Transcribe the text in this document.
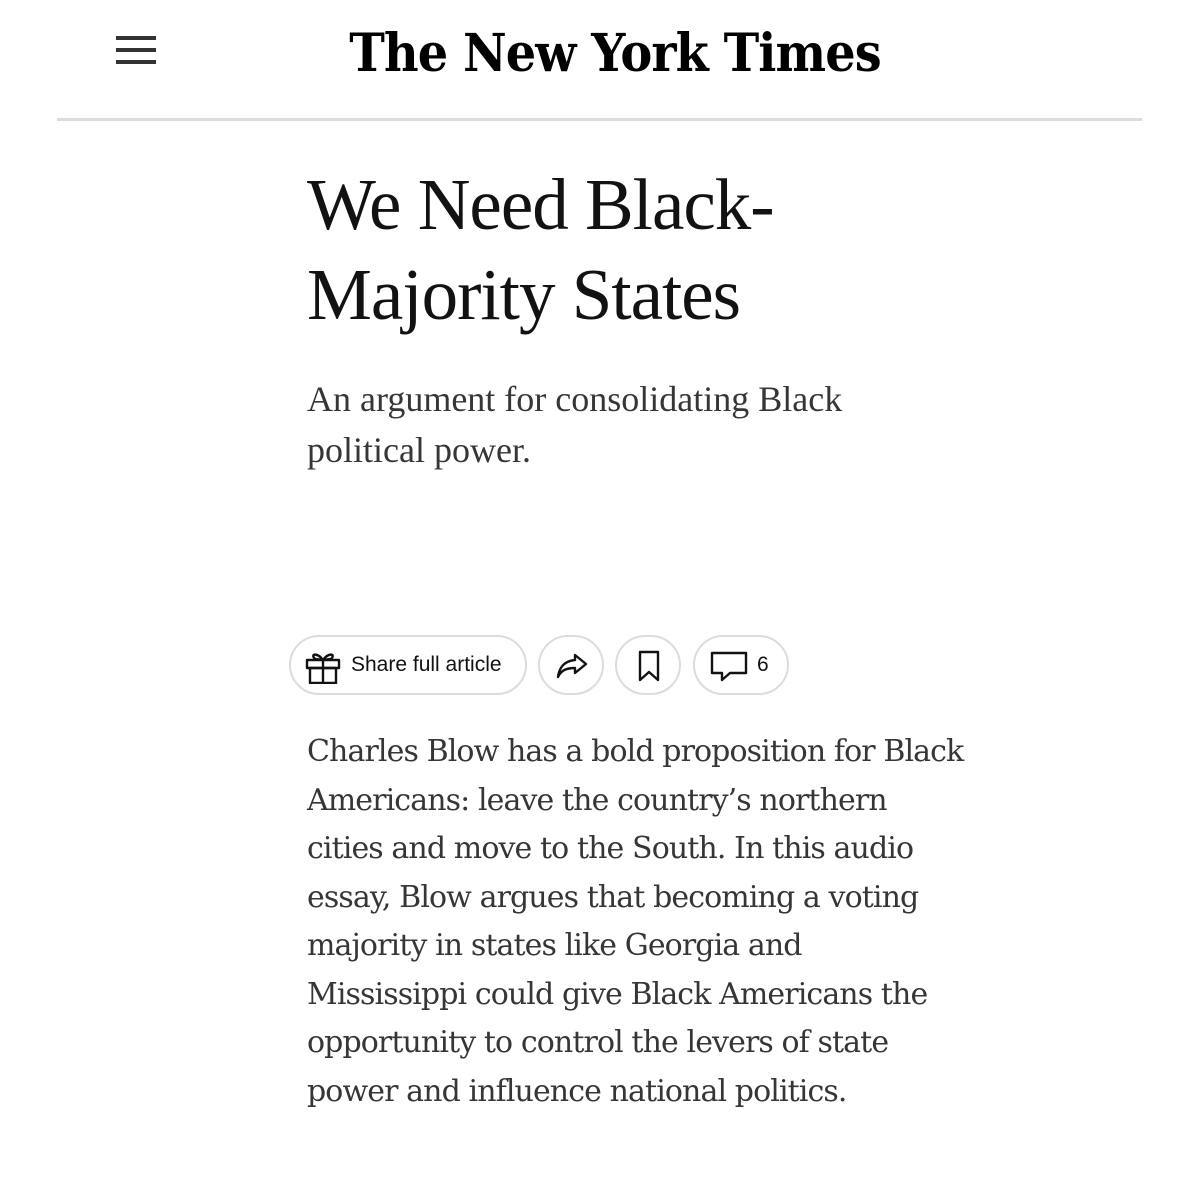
The New York Times
We Need Black-Majority States

An argument for consolidating Black political power.

Share full article	6

Charles Blow has a bold proposition for Black Americans: leave the country’s northern cities and move to the South. In this audio essay, Blow argues that becoming a voting majority in states like Georgia and Mississippi could give Black Americans the opportunity to control the levers of state power and influence national politics.
